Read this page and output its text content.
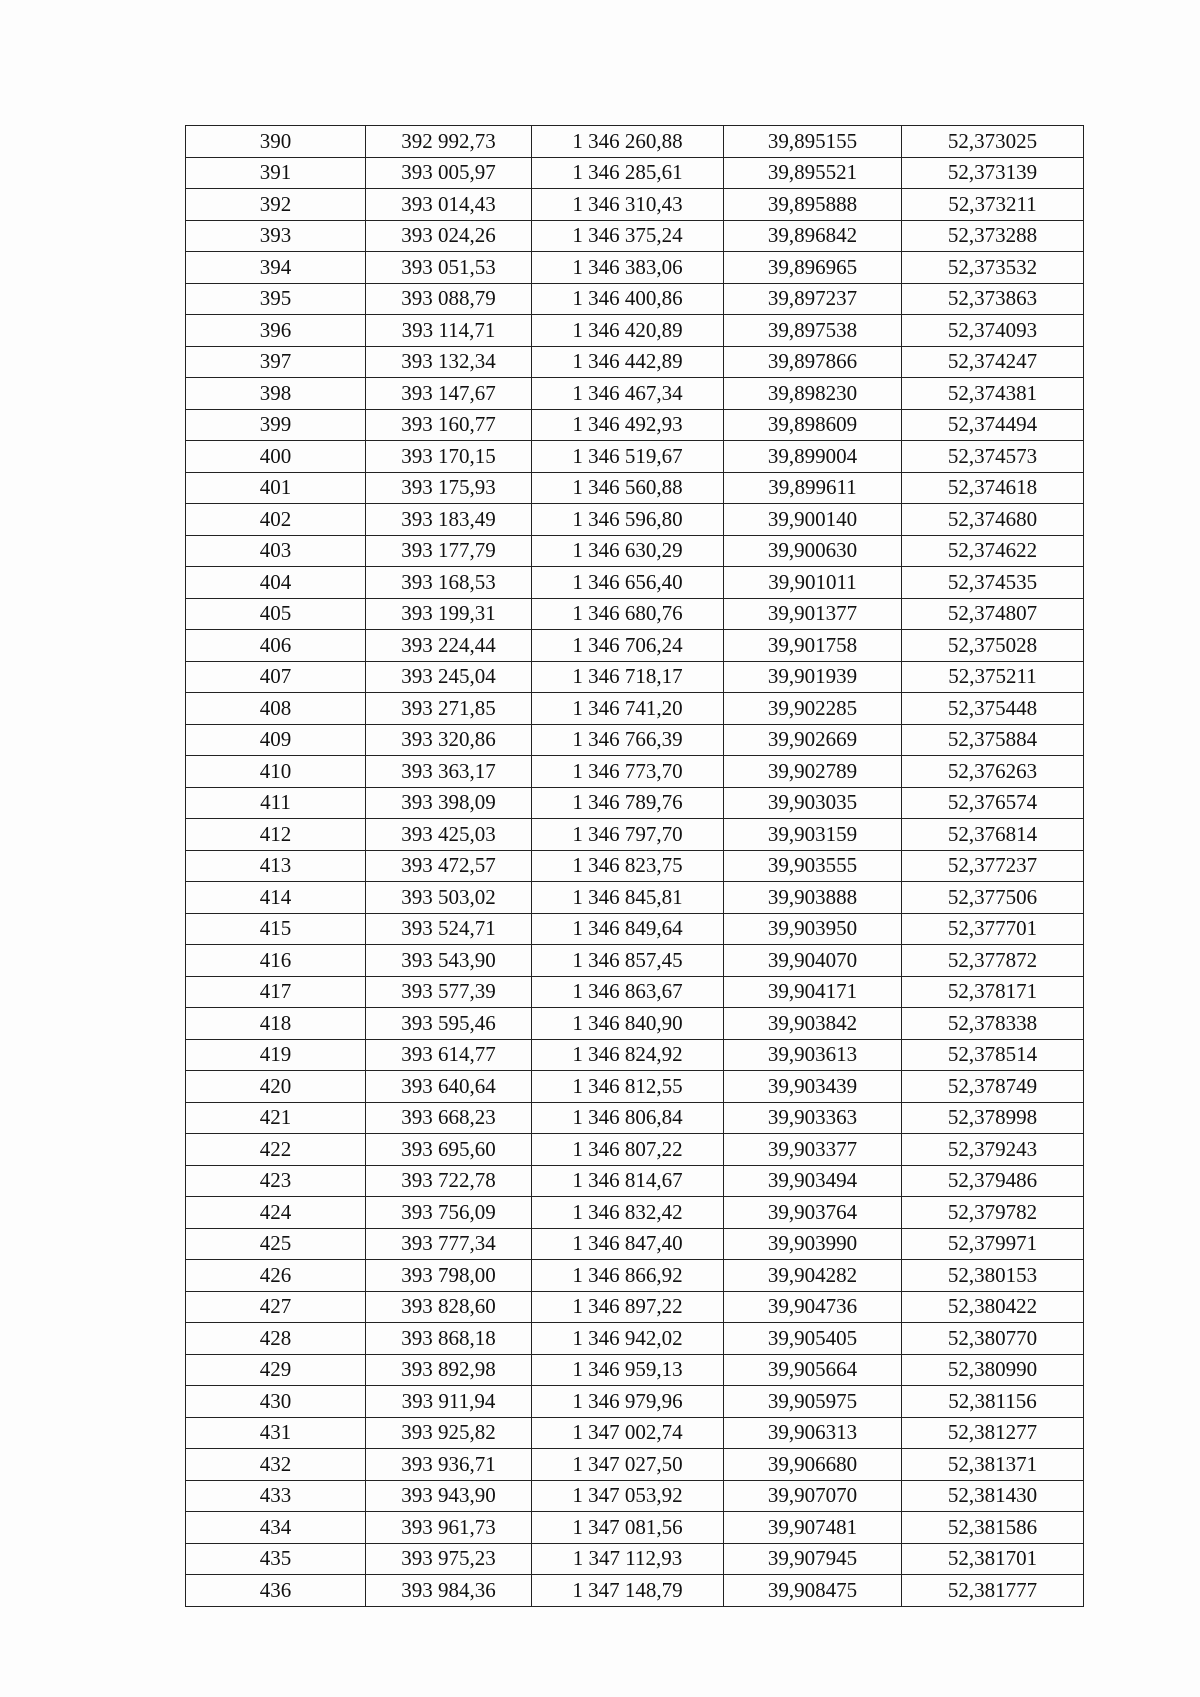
390	392 992,73	1 346 260,88	39,895155	52,373025
391	393 005,97	1 346 285,61	39,895521	52,373139
392	393 014,43	1 346 310,43	39,895888	52,373211
393	393 024,26	1 346 375,24	39,896842	52,373288
394	393 051,53	1 346 383,06	39,896965	52,373532
395	393 088,79	1 346 400,86	39,897237	52,373863
396	393 114,71	1 346 420,89	39,897538	52,374093
397	393 132,34	1 346 442,89	39,897866	52,374247
398	393 147,67	1 346 467,34	39,898230	52,374381
399	393 160,77	1 346 492,93	39,898609	52,374494
400	393 170,15	1 346 519,67	39,899004	52,374573
401	393 175,93	1 346 560,88	39,899611	52,374618
402	393 183,49	1 346 596,80	39,900140	52,374680
403	393 177,79	1 346 630,29	39,900630	52,374622
404	393 168,53	1 346 656,40	39,901011	52,374535
405	393 199,31	1 346 680,76	39,901377	52,374807
406	393 224,44	1 346 706,24	39,901758	52,375028
407	393 245,04	1 346 718,17	39,901939	52,375211
408	393 271,85	1 346 741,20	39,902285	52,375448
409	393 320,86	1 346 766,39	39,902669	52,375884
410	393 363,17	1 346 773,70	39,902789	52,376263
411	393 398,09	1 346 789,76	39,903035	52,376574
412	393 425,03	1 346 797,70	39,903159	52,376814
413	393 472,57	1 346 823,75	39,903555	52,377237
414	393 503,02	1 346 845,81	39,903888	52,377506
415	393 524,71	1 346 849,64	39,903950	52,377701
416	393 543,90	1 346 857,45	39,904070	52,377872
417	393 577,39	1 346 863,67	39,904171	52,378171
418	393 595,46	1 346 840,90	39,903842	52,378338
419	393 614,77	1 346 824,92	39,903613	52,378514
420	393 640,64	1 346 812,55	39,903439	52,378749
421	393 668,23	1 346 806,84	39,903363	52,378998
422	393 695,60	1 346 807,22	39,903377	52,379243
423	393 722,78	1 346 814,67	39,903494	52,379486
424	393 756,09	1 346 832,42	39,903764	52,379782
425	393 777,34	1 346 847,40	39,903990	52,379971
426	393 798,00	1 346 866,92	39,904282	52,380153
427	393 828,60	1 346 897,22	39,904736	52,380422
428	393 868,18	1 346 942,02	39,905405	52,380770
429	393 892,98	1 346 959,13	39,905664	52,380990
430	393 911,94	1 346 979,96	39,905975	52,381156
431	393 925,82	1 347 002,74	39,906313	52,381277
432	393 936,71	1 347 027,50	39,906680	52,381371
433	393 943,90	1 347 053,92	39,907070	52,381430
434	393 961,73	1 347 081,56	39,907481	52,381586
435	393 975,23	1 347 112,93	39,907945	52,381701
436	393 984,36	1 347 148,79	39,908475	52,381777
